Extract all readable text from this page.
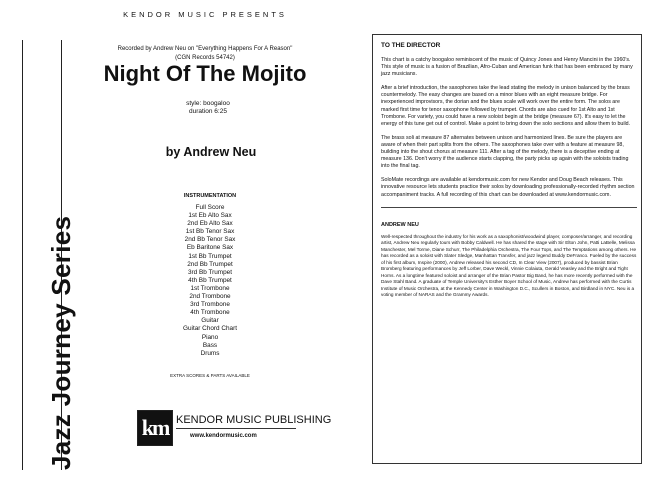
Jazz Journey Series
KENDOR MUSIC PRESENTS
Recorded by Andrew Neu on "Everything Happens For A Reason"
(CGN Records 54742)
Night Of The Mojito
style: boogaloo
duration 6:25
by Andrew Neu
INSTRUMENTATION
Full Score
1st Eb Alto Sax
2nd Eb Alto Sax
1st Bb Tenor Sax
2nd Bb Tenor Sax
Eb Baritone Sax
1st Bb Trumpet
2nd Bb Trumpet
3rd Bb Trumpet
4th Bb Trumpet
1st Trombone
2nd Trombone
3rd Trombone
4th Trombone
Guitar
Guitar Chord Chart
Piano
Bass
Drums
EXTRA SCORES & PARTS AVAILABLE
km KENDOR MUSIC PUBLISHING
www.kendormusic.com
TO THE DIRECTOR

This chart is a catchy boogaloo reminiscent of the music of Quincy Jones and Henry Mancini in the 1960's. This style of music is a fusion of Brazilian, Afro-Cuban and American funk that has been embraced by many jazz musicians.

After a brief introduction, the saxophones take the lead stating the melody in unison balanced by the brass countermelody. The easy changes are based on a minor blues with an eight measure bridge. For inexperienced improvisors, the dorian and the blues scale will work over the entire form. The solos are marked first time for tenor saxophone followed by trumpet. Chords are also cued for 1st Alto and 1st Trombone. For variety, you could have a new soloist begin at the bridge (measure 67). It's easy to let the energy of this tune get out of control. Make a point to bring down the solo sections and allow them to build.

The brass soli at measure 87 alternates between unison and harmonized lines. Be sure the players are aware of when their part splits from the others. The saxophones take over with a feature at measure 98, building into the shout chorus at measure 111. After a tag of the melody, there is a deceptive ending at measure 136. Don't worry if the audience starts clapping, the party picks up again with the soloists trading into the final tag.

SoloMate recordings are available at kendormusic.com for new Kendor and Doug Beach releases. This innovative resource lets students practice their solos by downloading professionally-recorded rhythm section accompaniment tracks. A full recording of this chart can be downloaded at www.kendormusic.com.

ANDREW NEU

Well-respected throughout the industry for his work as a saxophonist/woodwind player, composer/arranger, and recording artist, Andrew Neu regularly tours with Bobby Caldwell. He has shared the stage with Sir Elton John, Patti LaBelle, Melissa Manchester, Mel Torme, Diane Schurr, The Philadelphia Orchestra, The Four Tops, and The Temptations among others. He has recorded as a soloist with Slater Sledge, Manhattan Transfer, and jazz legend Buddy DeFranco. Fueled by the success of his first album, Inspire (2000), Andrew released his second CD, In Clear View (2007), produced by bassist Brian Bromberg featuring performances by Jeff Lorber, Dave Weckl, Vinnie Colaiuta, Gerald Veasley and the Bright and Tight Horns. As a longtime featured soloist and arranger of the Brian Pastor Big Band, he has more recently performed with the Dave Stahl Band. A graduate of Temple University's Esther Boyer School of Music, Andrew has performed with the Curtis Institute of Music Orchestra, at the Kennedy Center in Washington D.C., Scullers in Boston, and Birdland in NYC. Neu is a voting member of NARAS and the Grammy Awards.
